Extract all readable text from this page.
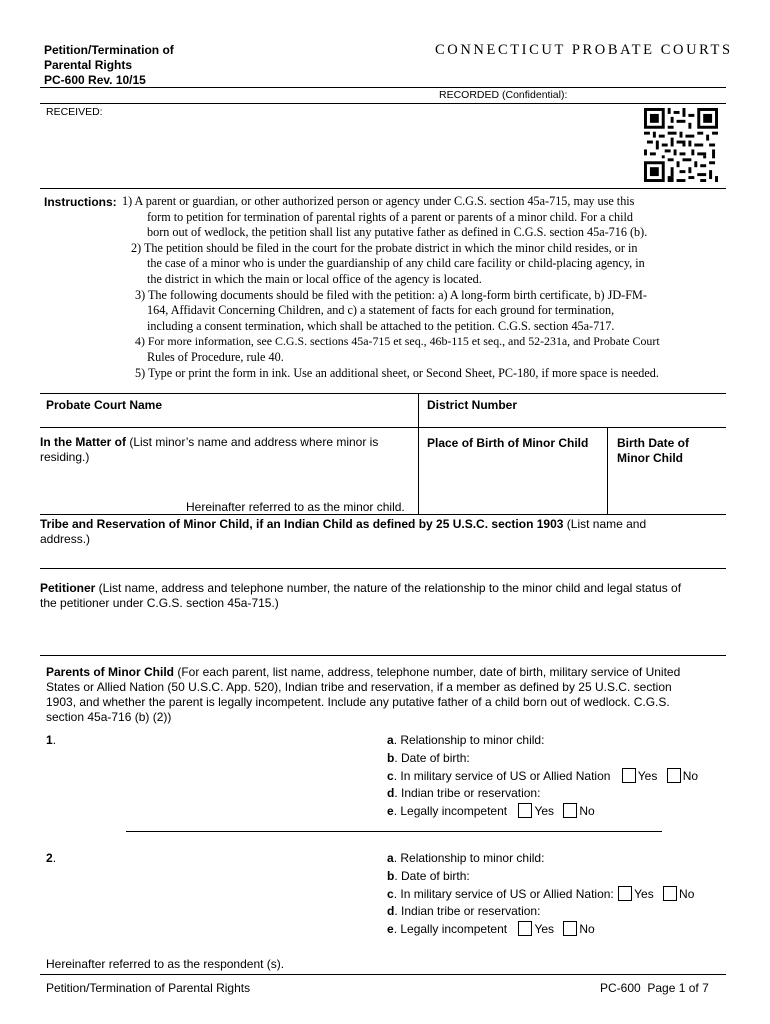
Petition/Termination of
Parental Rights
PC-600 Rev. 10/15
CONNECTICUT PROBATE COURTS
RECORDED (Confidential):
RECEIVED:
Instructions: 1) A parent or guardian, or other authorized person or agency under C.G.S. section 45a-715, may use this
form to petition for termination of parental rights of a parent or parents of a minor child. For a child
born out of wedlock, the petition shall list any putative father as defined in C.G.S. section 45a-716 (b).
2) The petition should be filed in the court for the probate district in which the minor child resides, or in
the case of a minor who is under the guardianship of any child care facility or child-placing agency, in
the district in which the main or local office of the agency is located.
3) The following documents should be filed with the petition: a) A long-form birth certificate, b) JD-FM-
164, Affidavit Concerning Children, and c) a statement of facts for each ground for termination,
including a consent termination, which shall be attached to the petition. C.G.S. section 45a-717.
4) For more information, see C.G.S. sections 45a-715 et seq., 46b-115 et seq., and 52-231a, and Probate Court
Rules of Procedure, rule 40.
5) Type or print the form in ink. Use an additional sheet, or Second Sheet, PC-180, if more space is needed.
Probate Court Name	District Number
In the Matter of (List minor’s name and address where minor is
residing.)
Place of Birth of Minor Child Birth Date of
Minor Child
Hereinafter referred to as the minor child.
Tribe and Reservation of Minor Child, if an Indian Child as defined by 25 U.S.C. section 1903 (List name and
address.)
Petitioner (List name, address and telephone number, the nature of the relationship to the minor child and legal status of
the petitioner under C.G.S. section 45a-715.)
Parents of Minor Child (For each parent, list name, address, telephone number, date of birth, military service of United
States or Allied Nation (50 U.S.C. App. 520), Indian tribe and reservation, if a member as defined by 25 U.S.C. section
1903, and whether the parent is legally incompetent. Include any putative father of a child born out of wedlock. C.G.S.
section 45a-716 (b) (2))
1.	a. Relationship to minor child:
b. Date of birth:
c. In military service of US or Allied Nation Yes No
d. Indian tribe or reservation:
e. Legally incompetent Yes No
2.	a. Relationship to minor child:
b. Date of birth:
c. In military service of US or Allied Nation: Yes No
d. Indian tribe or reservation:
e. Legally incompetent Yes No
Hereinafter referred to as the respondent (s).
Petition/Termination of Parental Rights	PC-600  Page 1 of 7
